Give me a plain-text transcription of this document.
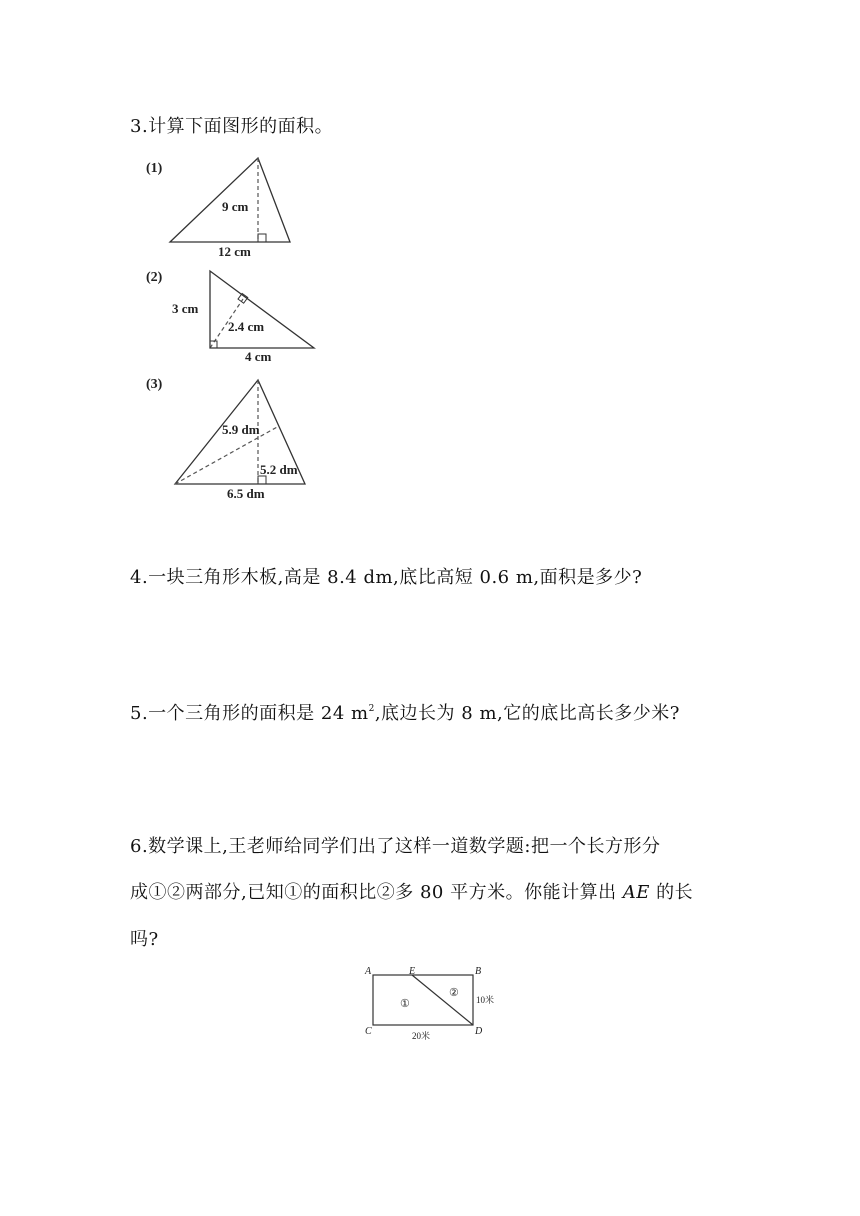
3.计算下面图形的面积。
(1)
9 cm
12 cm
(2)
3 cm
2.4 cm
4 cm
(3)
5.9 dm
5.2 dm
6.5 dm
4.一块三角形木板,高是 8.4 dm,底比高短 0.6 m,面积是多少?
5.一个三角形的面积是 24 $m^2$,底边长为 8 m,它的底比高长多少米?
6.数学课上,王老师给同学们出了这样一道数学题:把一个长方形分
成①②两部分,已知①的面积比②多 80 平方米。你能计算出 AE 的长
吗?
A	E	B
C	D
①
②
10米
20米
